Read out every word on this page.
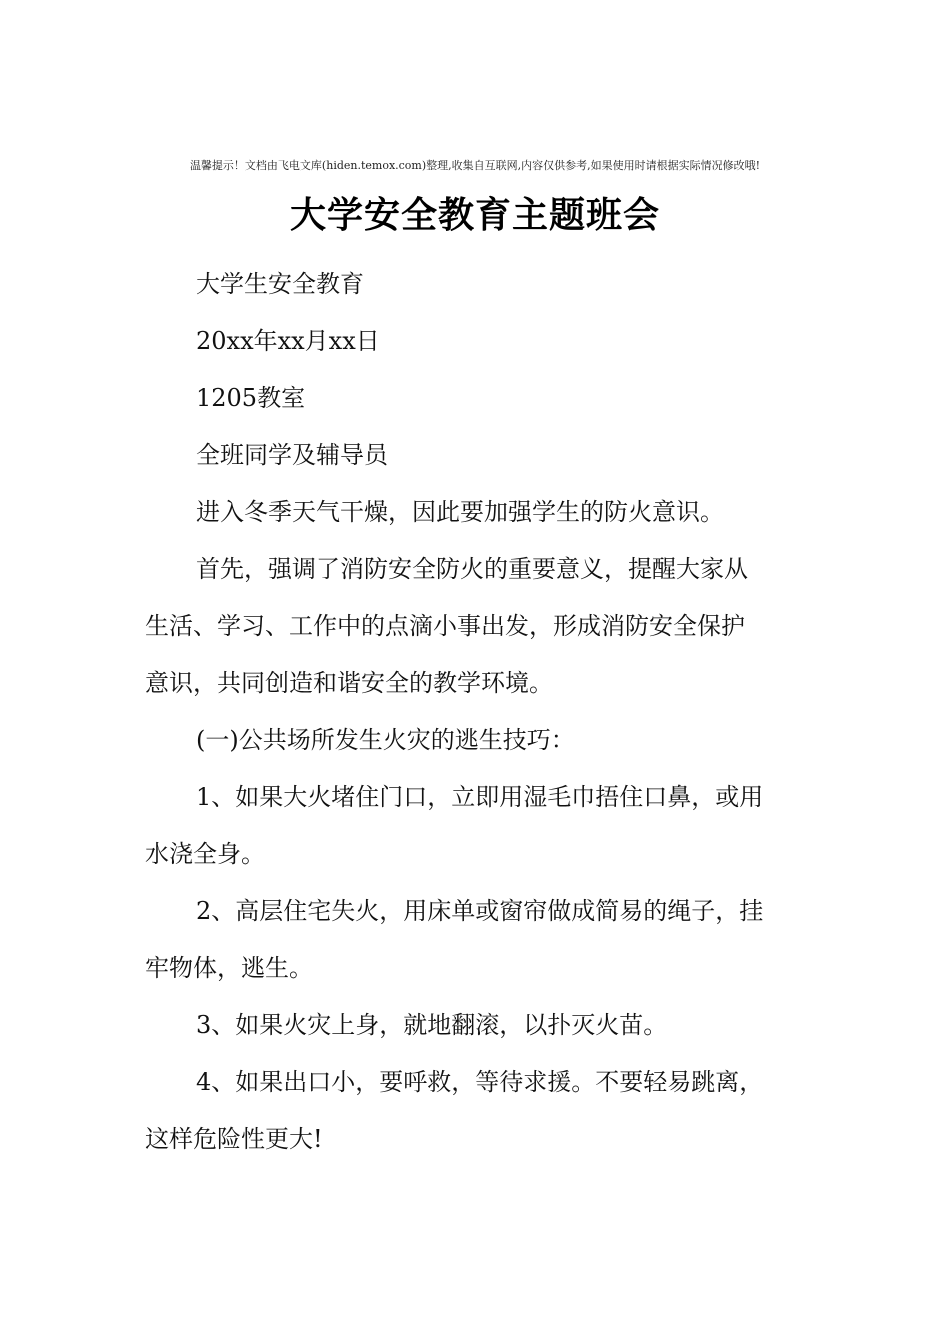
温馨提示！文档由飞电文库(hiden.temox.com)整理,收集自互联网,内容仅供参考,如果使用时请根据实际情况修改哦!
大学安全教育主题班会

大学生安全教育

20xx年xx月xx日

1205教室

全班同学及辅导员

进入冬季天气干燥，因此要加强学生的防火意识。

首先，强调了消防安全防火的重要意义，提醒大家从

生活、学习、工作中的点滴小事出发，形成消防安全保护

意识，共同创造和谐安全的教学环境。

(一)公共场所发生火灾的逃生技巧：

1、如果大火堵住门口，立即用湿毛巾捂住口鼻，或用

水浇全身。

2、高层住宅失火，用床单或窗帘做成简易的绳子，挂

牢物体，逃生。

3、如果火灾上身，就地翻滚，以扑灭火苗。

4、如果出口小，要呼救，等待求援。不要轻易跳离，

这样危险性更大!
